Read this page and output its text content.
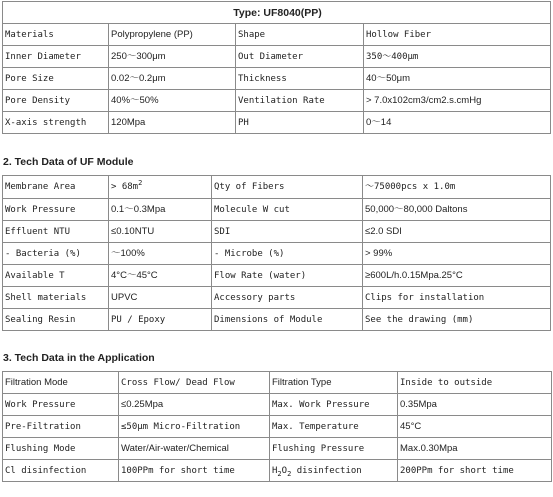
Type: UF8040(PP)			
Materials	Polypropylene (PP)	Shape	Hollow Fiber
Inner Diameter	250～300μm	Out Diameter	350～400μm
Pore Size	0.02～0.2μm	Thickness	40～50μm
Pore Density	40%～50%	Ventilation Rate	> 7.0x102cm3/cm2.s.cmHg
X-axis strength	120Mpa	PH	0～14
2. Tech Data of UF Module
Membrane Area	> $68m^2$	Qty of Fibers	～75000pcs x 1.0m
Work Pressure	0.1～0.3Mpa	Molecule W cut	50,000～80,000 Daltons
Effluent NTU	≤0.10NTU	SDI	≤2.0 SDI
- Bacteria (%)	～100%	- Microbe (%)	> 99%
Available T	4°C～45°C	Flow Rate (water)	≥600L/h.0.15Mpa.25°C
Shell materials	UPVC	Accessory parts	Clips for installation
Sealing Resin	PU / Epoxy	Dimensions of Module	See the drawing (mm)
3. Tech Data in the Application
Filtration Mode	Cross Flow/ Dead Flow	Filtration Type	Inside to outside
Work Pressure	≤0.25Mpa	Max. Work Pressure	0.35Mpa
Pre-Filtration	≤50μm Micro-Filtration	Max. Temperature	45°C
Flushing Mode	Water/Air-water/Chemical	Flushing Pressure	Max.0.30Mpa
Cl disinfection	100PPm for short time	$H_2O_2$ disinfection	200PPm for short time
